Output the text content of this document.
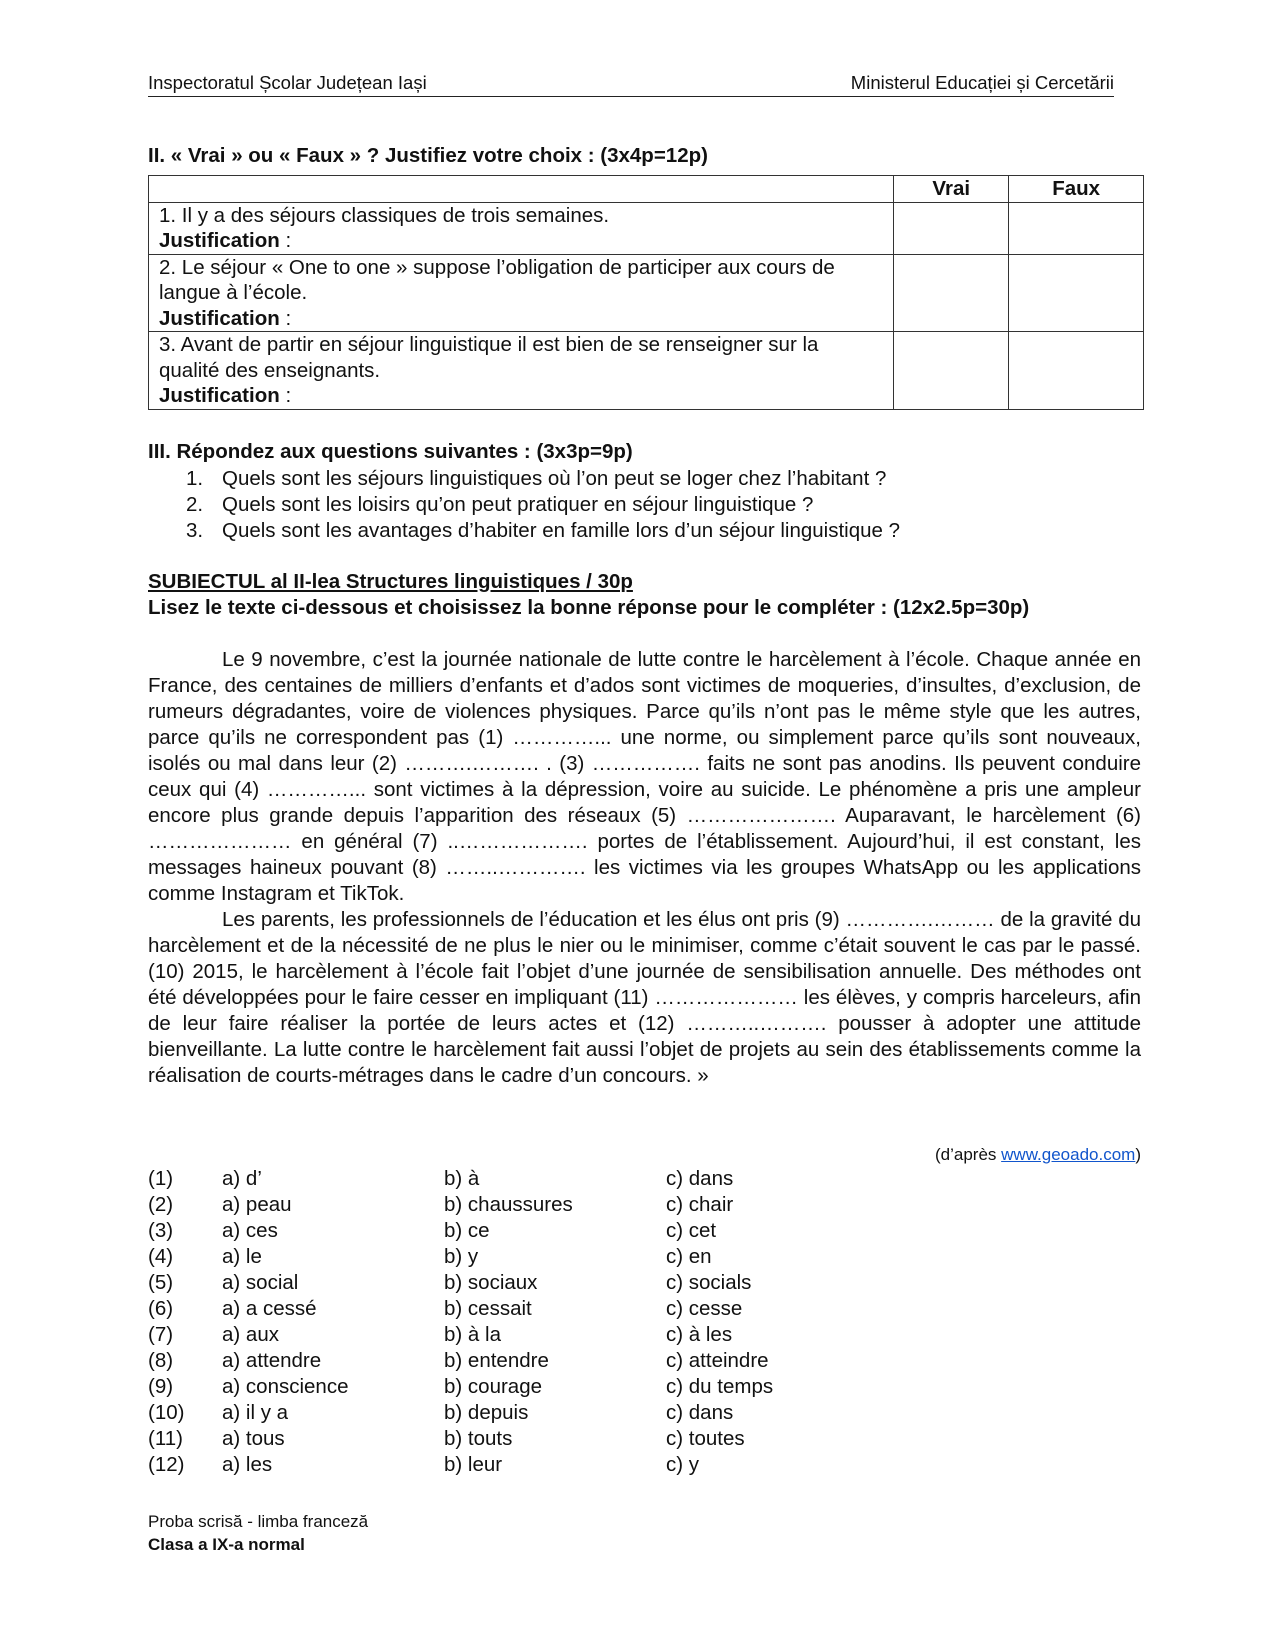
Inspectoratul Școlar Județean Iași	Ministerul Educației și Cercetării
II. « Vrai » ou « Faux » ? Justifiez votre choix : (3x4p=12p)
	Vrai	Faux

1. Il y a des séjours classiques de trois semaines.
Justification :		

2. Le séjour « One to one » suppose l’obligation de participer aux cours de langue à l’école.
Justification :		

3. Avant de partir en séjour linguistique il est bien de se renseigner sur la qualité des enseignants.
Justification :		

III. Répondez aux questions suivantes : (3x3p=9p)
1. Quels sont les séjours linguistiques où l’on peut se loger chez l’habitant ?
2. Quels sont les loisirs qu’on peut pratiquer en séjour linguistique ?
3. Quels sont les avantages d’habiter en famille lors d’un séjour linguistique ?
SUBIECTUL al II-lea Structures linguistiques / 30p
Lisez le texte ci-dessous et choisissez la bonne réponse pour le compléter : (12x2.5p=30p)

Le 9 novembre, c’est la journée nationale de lutte contre le harcèlement à l’école. Chaque année en France, des centaines de milliers d’enfants et d’ados sont victimes de moqueries, d’insultes, d’exclusion, de rumeurs dégradantes, voire de violences physiques. Parce qu’ils n’ont pas le même style que les autres, parce qu’ils ne correspondent pas (1) …………... une norme, ou simplement parce qu’ils sont nouveaux, isolés ou mal dans leur (2) ……….………. . (3) ……………. faits ne sont pas anodins. Ils peuvent conduire ceux qui (4) …………... sont victimes à la dépression, voire au suicide. Le phénomène a pris une ampleur encore plus grande depuis l’apparition des réseaux (5) …………………. Auparavant, le harcèlement (6) ………………… en général (7) ..………………. portes de l’établissement. Aujourd’hui, il est constant, les messages haineux pouvant (8) ……..…………. les victimes via les groupes WhatsApp ou les applications comme Instagram et TikTok.

Les parents, les professionnels de l’éducation et les élus ont pris (9) ………….……… de la gravité du harcèlement et de la nécessité de ne plus le nier ou le minimiser, comme c’était souvent le cas par le passé. (10) 2015, le harcèlement à l’école fait l’objet d’une journée de sensibilisation annuelle. Des méthodes ont été développées pour le faire cesser en impliquant (11) ………………… les élèves, y compris harceleurs, afin de leur faire réaliser la portée de leurs actes et (12) ………..………. pousser à adopter une attitude bienveillante. La lutte contre le harcèlement fait aussi l’objet de projets au sein des établissements comme la réalisation de courts-métrages dans le cadre d’un concours. »

(d’après www.geoado.com)
(1)	a) d’	b) à	c) dans
(2)	a) peau	b) chaussures	c) chair
(3)	a) ces	b) ce	c) cet
(4)	a) le	b) y	c) en
(5)	a) social	b) sociaux	c) socials
(6)	a) a cessé	b) cessait	c) cesse
(7)	a) aux	b) à la	c) à les
(8)	a) attendre	b) entendre	c) atteindre
(9)	a) conscience	b) courage	c) du temps
(10)	a) il y a	b) depuis	c) dans
(11)	a) tous	b) touts	c) toutes
(12)	a) les	b) leur	c) y
Proba scrisă - limba franceză
Clasa a IX-a normal
